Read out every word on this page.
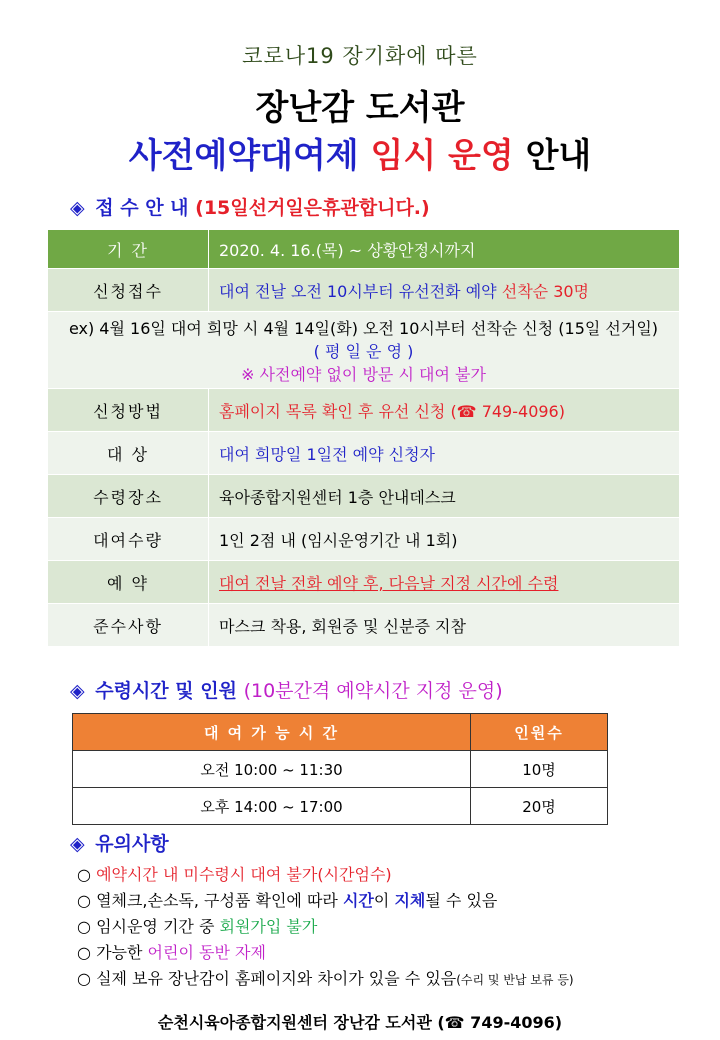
코로나19 장기화에 따른
장난감 도서관
사전예약대여제 임시 운영 안내
◈ 접 수 안 내 (15일선거일은휴관합니다.)
기 간	2020. 4. 16.(목) ~ 상황안정시까지
신청접수	대여 전날 오전 10시부터 유선전화 예약 선착순 30명

ex) 4월 16일 대여 희망 시 4월 14일(화) 오전 10시부터 선착순 신청 (15일 선거일)
( 평 일 운 영 )
※ 사전예약 없이 방문 시 대여 불가	

신청방법	홈페이지 목록 확인 후 유선 신청 (☎ 749-4096)
대 상	대여 희망일 1일전 예약 신청자
수령장소	육아종합지원센터 1층 안내데스크
대여수량	1인 2점 내 (임시운영기간 내 1회)
예 약	대여 전날 전화 예약 후, 다음날 지정 시간에 수령
준수사항	마스크 착용, 회원증 및 신분증 지참
◈ 수령시간 및 인원 (10분간격 예약시간 지정 운영)
대 여 가 능 시 간	인원수
오전 10:00 ~ 11:30	10명
오후 14:00 ~ 17:00	20명
◈ 유의사항
○ 예약시간 내 미수령시 대여 불가(시간엄수)
○ 열체크,손소독, 구성품 확인에 따라 시간이 지체될 수 있음
○ 임시운영 기간 중 회원가입 불가
○ 가능한 어린이 동반 자제
○ 실제 보유 장난감이 홈페이지와 차이가 있을 수 있음(수리 및 반납 보류 등)
순천시육아종합지원센터 장난감 도서관 (☎ 749-4096)
